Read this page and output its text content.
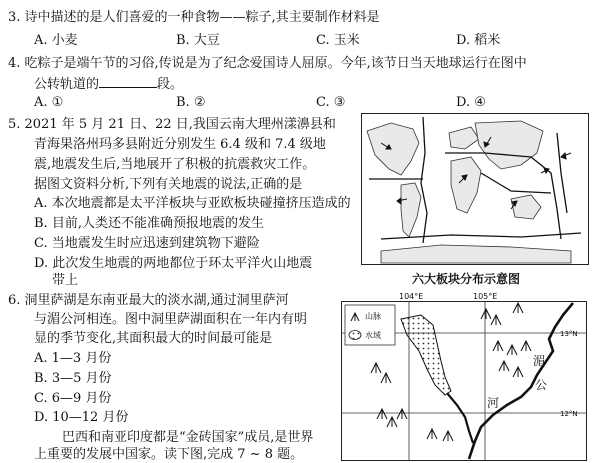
3. 诗中描述的是人们喜爱的一种食物——粽子,其主要制作材料是
A. 小麦	B. 大豆	C. 玉米	D. 稻米
4. 吃粽子是端午节的习俗,传说是为了纪念爱国诗人屈原。今年,该节日当天地球运行在图中
公转轨道的	段。
A. ①	B. ②	C. ③	D. ④
5. 2021 年 5 月 21 日、22 日,我国云南大理州漾濞县和
青海果洛州玛多县附近分别发生 6.4 级和 7.4 级地
震,地震发生后,当地展开了积极的抗震救灾工作。
据图文资料分析,下列有关地震的说法,正确的是
A. 本次地震都是太平洋板块与亚欧板块碰撞挤压造成的
B. 目前,人类还不能准确预报地震的发生
C. 当地震发生时应迅速到建筑物下避险
D. 此次发生地震的两地都位于环太平洋火山地震
带上	六大板块分布示意图
6. 洞里萨湖是东南亚最大的淡水湖,通过洞里萨河
与湄公河相连。图中洞里萨湖面积在一年内有明
显的季节变化,其面积最大的时间最可能是
A. 1—3 月份
B. 3—5 月份
C. 6—9 月份
D. 10—12 月份
巴西和南亚印度都是“金砖国家”成员,是世界
上重要的发展中国家。读下图,完成 7 ~ 8 题。
104°E	105°E
13°N
12°N
山脉
水域
湄
公
河
